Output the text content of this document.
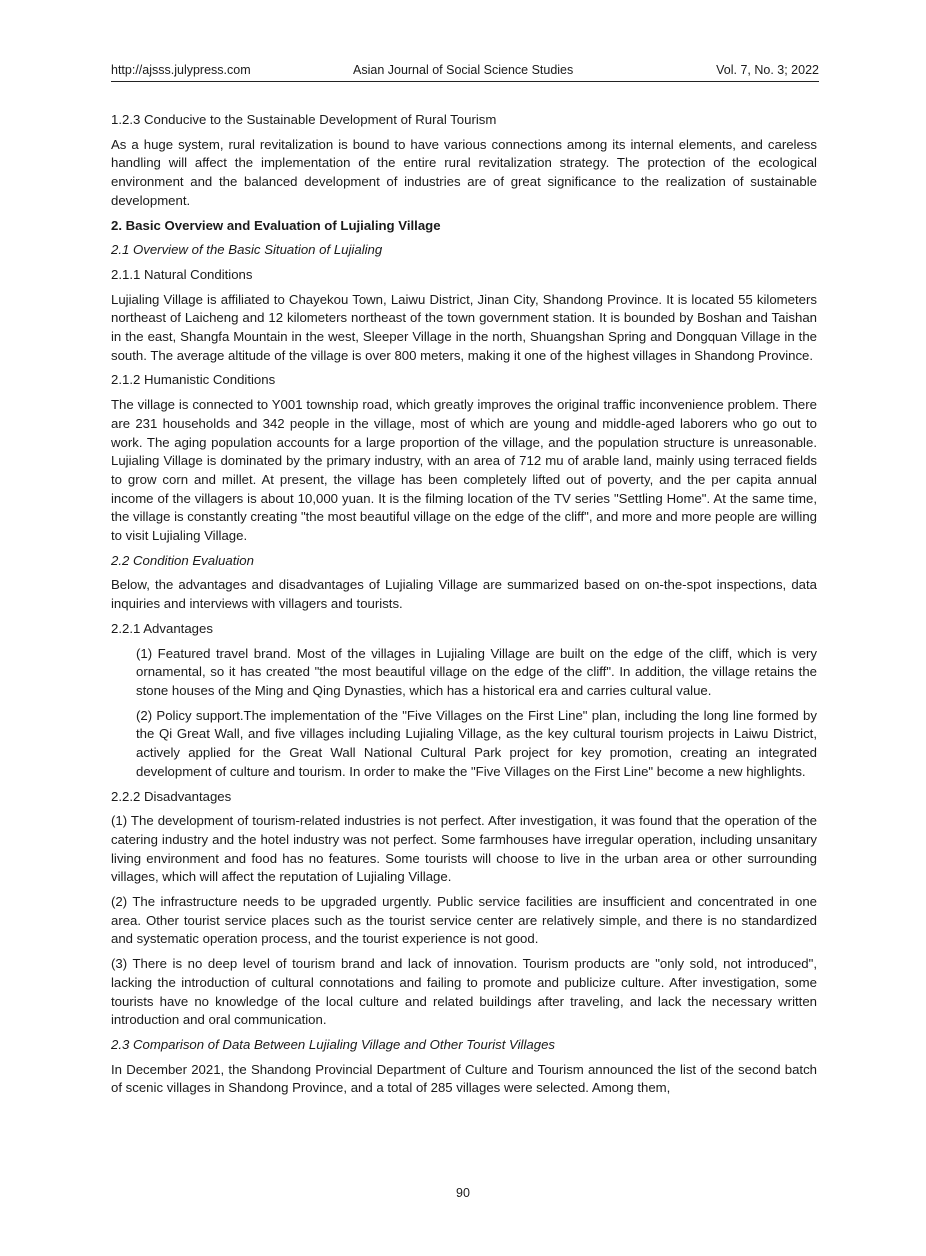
http://ajsss.julypress.com	Asian Journal of Social Science Studies	Vol. 7, No. 3; 2022

1.2.3 Conducive to the Sustainable Development of Rural Tourism

As a huge system, rural revitalization is bound to have various connections among its internal elements, and careless handling will affect the implementation of the entire rural revitalization strategy. The protection of the ecological environment and the balanced development of industries are of great significance to the realization of sustainable development.

2. Basic Overview and Evaluation of Lujialing Village

2.1 Overview of the Basic Situation of Lujialing

2.1.1 Natural Conditions

Lujialing Village is affiliated to Chayekou Town, Laiwu District, Jinan City, Shandong Province. It is located 55 kilometers northeast of Laicheng and 12 kilometers northeast of the town government station. It is bounded by Boshan and Taishan in the east, Shangfa Mountain in the west, Sleeper Village in the north, Shuangshan Spring and Dongquan Village in the south. The average altitude of the village is over 800 meters, making it one of the highest villages in Shandong Province.

2.1.2 Humanistic Conditions

The village is connected to Y001 township road, which greatly improves the original traffic inconvenience problem. There are 231 households and 342 people in the village, most of which are young and middle-aged laborers who go out to work. The aging population accounts for a large proportion of the village, and the population structure is unreasonable. Lujialing Village is dominated by the primary industry, with an area of 712 mu of arable land, mainly using terraced fields to grow corn and millet. At present, the village has been completely lifted out of poverty, and the per capita annual income of the villagers is about 10,000 yuan. It is the filming location of the TV series "Settling Home". At the same time, the village is constantly creating "the most beautiful village on the edge of the cliff", and more and more people are willing to visit Lujialing Village.

2.2 Condition Evaluation

Below, the advantages and disadvantages of Lujialing Village are summarized based on on-the-spot inspections, data inquiries and interviews with villagers and tourists.

2.2.1 Advantages

(1) Featured travel brand. Most of the villages in Lujialing Village are built on the edge of the cliff, which is very ornamental, so it has created "the most beautiful village on the edge of the cliff". In addition, the village retains the stone houses of the Ming and Qing Dynasties, which has a historical era and carries cultural value.

(2) Policy support.The implementation of the "Five Villages on the First Line" plan, including the long line formed by the Qi Great Wall, and five villages including Lujialing Village, as the key cultural tourism projects in Laiwu District, actively applied for the Great Wall National Cultural Park project for key promotion, creating an integrated development of culture and tourism. In order to make the "Five Villages on the First Line" become a new highlights.

2.2.2 Disadvantages

(1) The development of tourism-related industries is not perfect. After investigation, it was found that the operation of the catering industry and the hotel industry was not perfect. Some farmhouses have irregular operation, including unsanitary living environment and food has no features. Some tourists will choose to live in the urban area or other surrounding villages, which will affect the reputation of Lujialing Village.

(2) The infrastructure needs to be upgraded urgently. Public service facilities are insufficient and concentrated in one area. Other tourist service places such as the tourist service center are relatively simple, and there is no standardized and systematic operation process, and the tourist experience is not good.

(3) There is no deep level of tourism brand and lack of innovation. Tourism products are "only sold, not introduced", lacking the introduction of cultural connotations and failing to promote and publicize culture. After investigation, some tourists have no knowledge of the local culture and related buildings after traveling, and lack the necessary written introduction and oral communication.

2.3 Comparison of Data Between Lujialing Village and Other Tourist Villages

In December 2021, the Shandong Provincial Department of Culture and Tourism announced the list of the second batch of scenic villages in Shandong Province, and a total of 285 villages were selected. Among them,

90
